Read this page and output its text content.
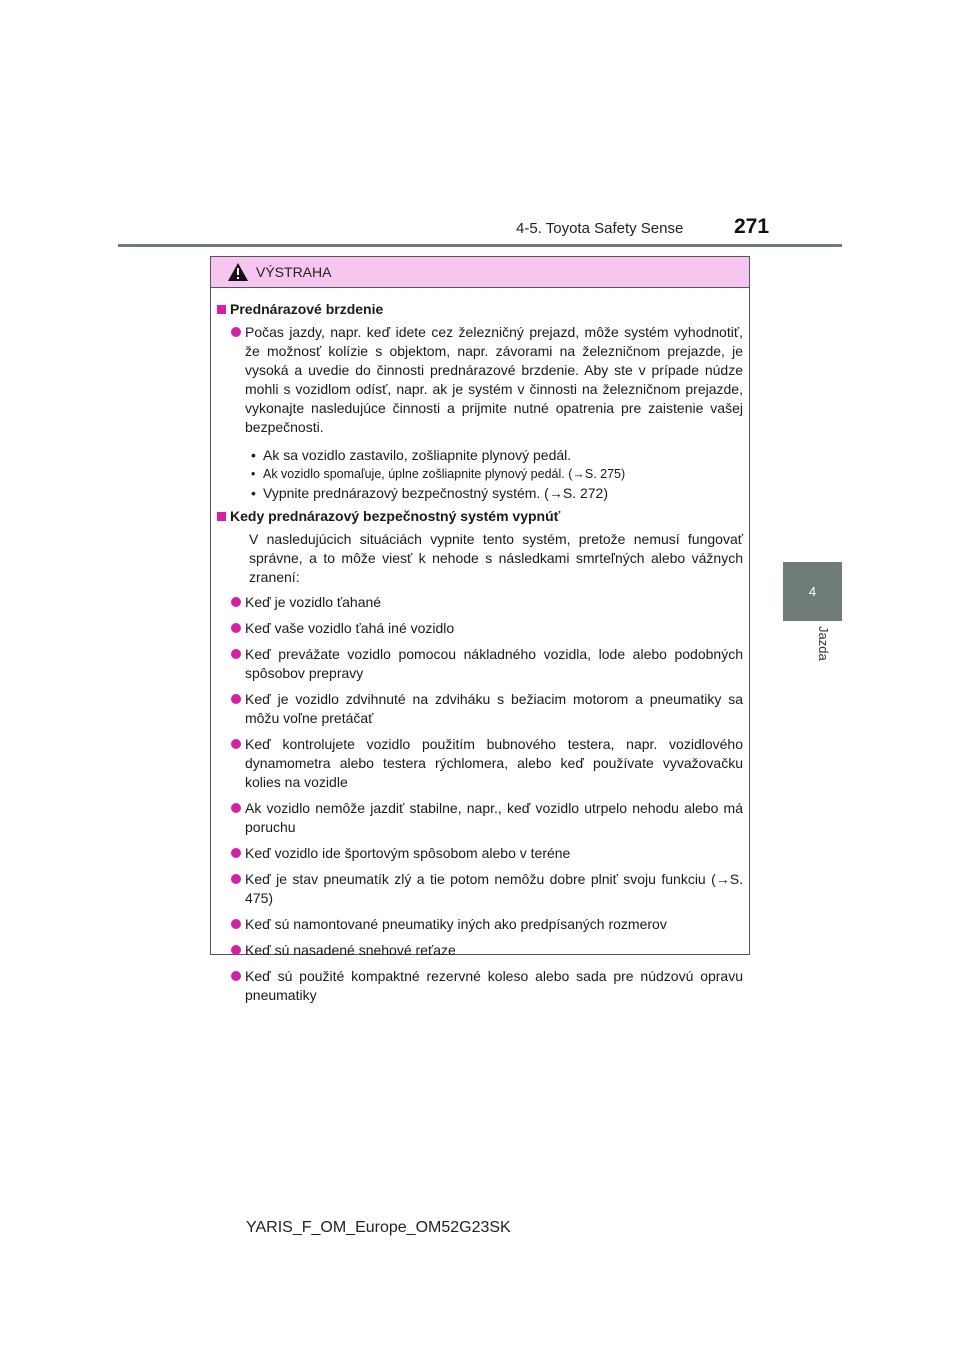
4-5. Toyota Safety Sense 271
4
Jazda
VÝSTRAHA
Prednárazové brzdenie
Počas jazdy, napr. keď idete cez železničný prejazd, môže systém vyhodnotiť, že možnosť kolízie s objektom, napr. závorami na železničnom prejazde, je vysoká a uvedie do činnosti prednárazové brzdenie. Aby ste v prípade núdze mohli s vozidlom odísť, napr. ak je systém v činnosti na železničnom prejazde, vykonajte nasledujúce činnosti a prijmite nutné opatrenia pre zaistenie vašej bezpečnosti.
• Ak sa vozidlo zastavilo, zošliapnite plynový pedál.
• Ak vozidlo spomaľuje, úplne zošliapnite plynový pedál. (→S. 275)
• Vypnite prednárazový bezpečnostný systém. (→S. 272)
Kedy prednárazový bezpečnostný systém vypnúť
V nasledujúcich situáciách vypnite tento systém, pretože nemusí fungovať správne, a to môže viesť k nehode s následkami smrteľných alebo vážnych zranení:
Keď je vozidlo ťahané
Keď vaše vozidlo ťahá iné vozidlo
Keď prevážate vozidlo pomocou nákladného vozidla, lode alebo podobných spôsobov prepravy
Keď je vozidlo zdvihnuté na zdviháku s bežiacim motorom a pneumatiky sa môžu voľne pretáčať
Keď kontrolujete vozidlo použitím bubnového testera, napr. vozidlového dynamometra alebo testera rýchlomera, alebo keď používate vyvažovačku kolies na vozidle
Ak vozidlo nemôže jazdiť stabilne, napr., keď vozidlo utrpelo nehodu alebo má poruchu
Keď vozidlo ide športovým spôsobom alebo v teréne
Keď je stav pneumatík zlý a tie potom nemôžu dobre plniť svoju funkciu (→S. 475)
Keď sú namontované pneumatiky iných ako predpísaných rozmerov
Keď sú nasadené snehové reťaze
Keď sú použité kompaktné rezervné koleso alebo sada pre núdzovú opravu pneumatiky
YARIS_F_OM_Europe_OM52G23SK
